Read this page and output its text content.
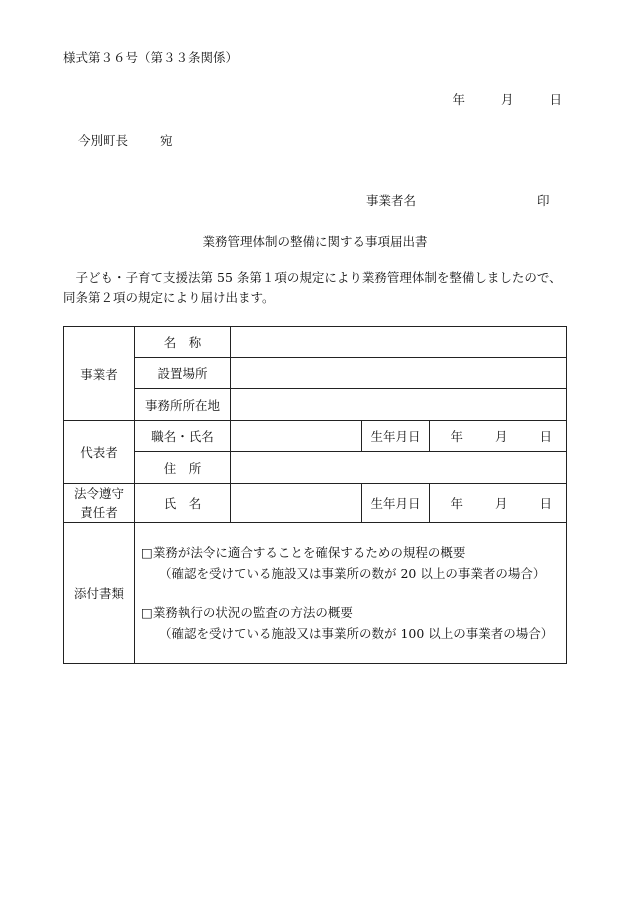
様式第３６号（第３３条関係）
年	月	日
今別町長	宛
事業者名	印
業務管理体制の整備に関する事項届出書
　子ども・子育て支援法第 55 条第１項の規定により業務管理体制を整備しましたので、同条第２項の規定により届け出ます。
事業者	名　称			
	設置場所			
	事務所所在地			
代表者	職名・氏名		生年月日	年 月 日
	住　所			

法令遵守
責任者	氏　名		生年月日	年 月 日
添付書類	□業務が法令に適合することを確保するための規程の概要
（確認を受けている施設又は事業所の数が 20 以上の事業者の場合）
□業務執行の状況の監査の方法の概要
（確認を受けている施設又は事業所の数が 100 以上の事業者の場合）			
